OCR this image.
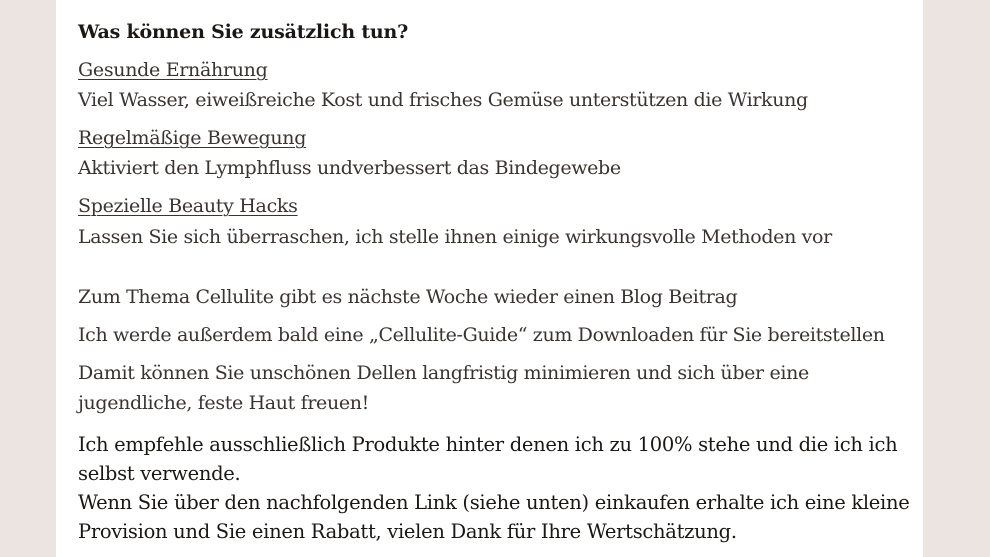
Was können Sie zusätzlich tun?
Gesunde Ernährung
Viel Wasser, eiweißreiche Kost und frisches Gemüse unterstützen die Wirkung
Regelmäßige Bewegung
Aktiviert den Lymphfluss undverbessert das Bindegewebe
Spezielle Beauty Hacks
Lassen Sie sich überraschen, ich stelle ihnen einige wirkungsvolle Methoden vor
Zum Thema Cellulite gibt es nächste Woche wieder einen Blog Beitrag
Ich werde außerdem bald eine „Cellulite-Guide“ zum Downloaden für Sie bereitstellen
Damit können Sie unschönen Dellen langfristig minimieren und sich über eine jugendliche, feste Haut freuen!
Ich empfehle ausschließlich Produkte hinter denen ich zu 100% stehe und die ich ich selbst verwende.
Wenn Sie über den nachfolgenden Link (siehe unten) einkaufen erhalte ich eine kleine Provision und Sie einen Rabatt, vielen Dank für Ihre Wertschätzung.
